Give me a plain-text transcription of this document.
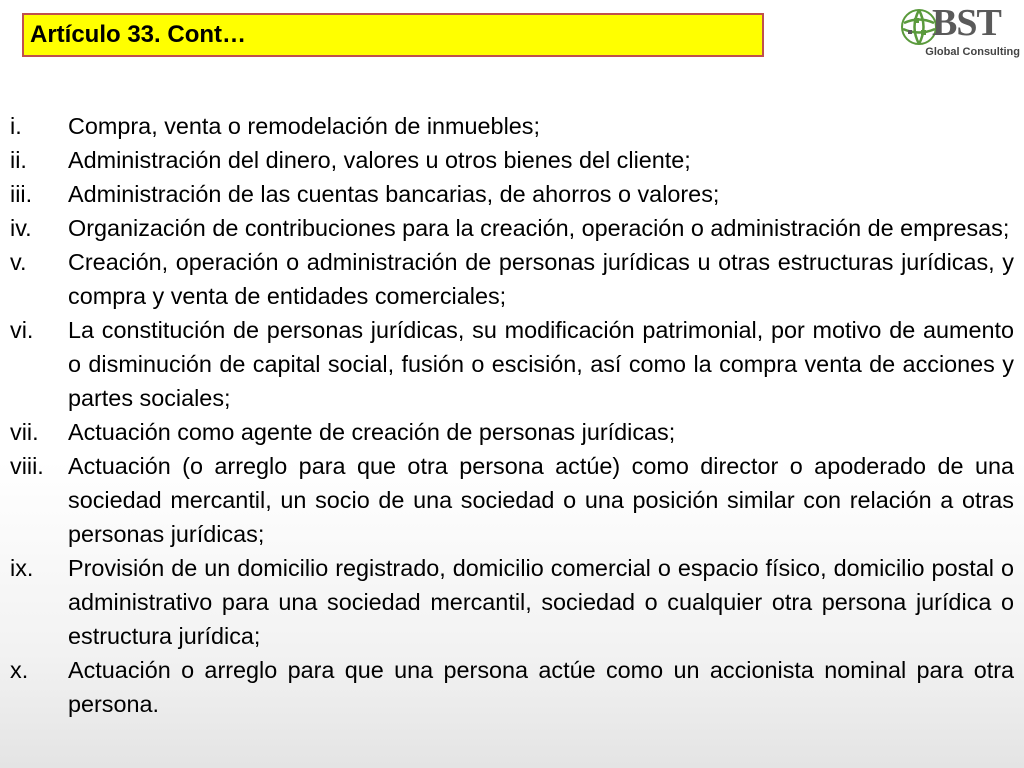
Artículo 33. Cont…	BST
Global Consulting
i.	Compra, venta o remodelación de inmuebles;
ii.	Administración del dinero, valores u otros bienes del cliente;
iii.	Administración de las cuentas bancarias, de ahorros o valores;
iv.	Organización de contribuciones para la creación, operación o administración de empresas;
v.	Creación, operación o administración de personas jurídicas u otras estructuras jurídicas, y compra y venta de entidades comerciales;
vi.	La constitución de personas jurídicas, su modificación patrimonial, por motivo de aumento o disminución de capital social, fusión o escisión, así como la compra venta de acciones y partes sociales;
vii.	Actuación como agente de creación de personas jurídicas;
viii.	Actuación (o arreglo para que otra persona actúe) como director o apoderado de una sociedad mercantil, un socio de una sociedad o una posición similar con relación a otras personas jurídicas;
ix.	Provisión de un domicilio registrado, domicilio comercial o espacio físico, domicilio postal o administrativo para una sociedad mercantil, sociedad o cualquier otra persona jurídica o estructura jurídica;
x.	Actuación o arreglo para que una persona actúe como un accionista nominal para otra persona.
